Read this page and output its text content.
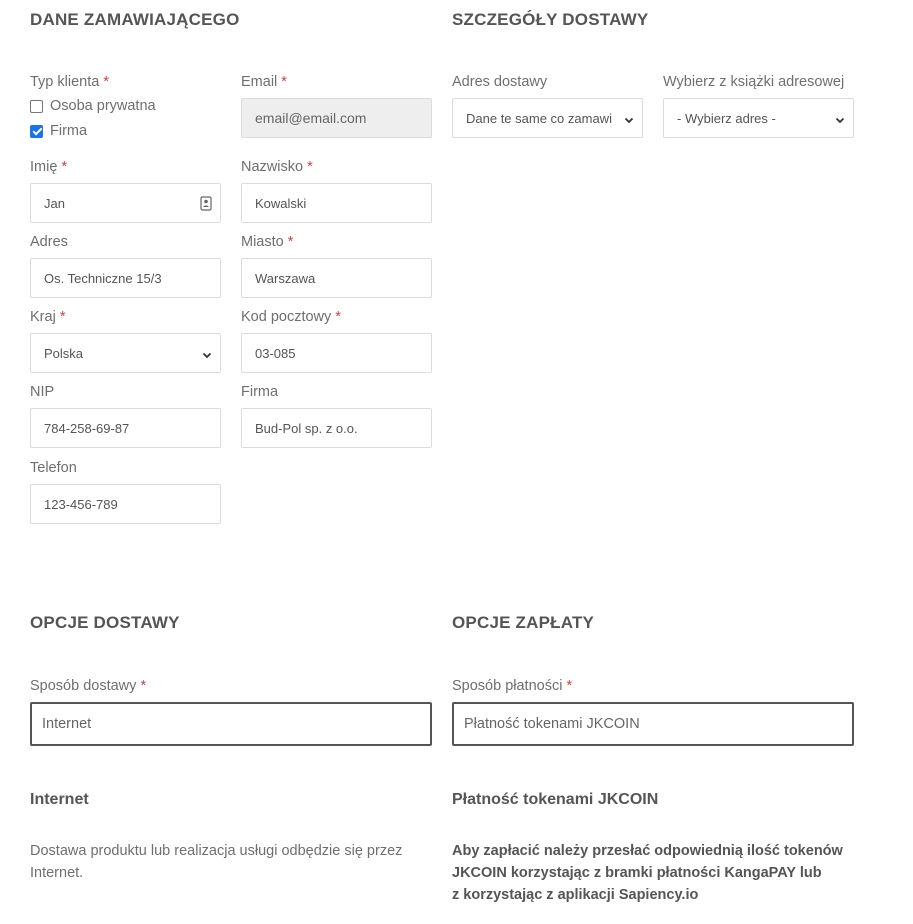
DANE ZAMAWIAJĄCEGO
Typ klienta *
Osoba prywatna
Firma
Email *
email@email.com
Imię *
Jan
Nazwisko *
Kowalski
Adres
Os. Techniczne 15/3
Miasto *
Warszawa
Kraj *
Polska
Kod pocztowy *
03-085
NIP
784-258-69-87
Firma
Bud-Pol sp. z o.o.
Telefon
123-456-789
SZCZEGÓŁY DOSTAWY
Adres dostawy
Dane te same co zamawi
Wybierz z książki adresowej
- Wybierz adres -
OPCJE DOSTAWY
Sposób dostawy *
Internet
Internet
Dostawa produktu lub realizacja usługi odbędzie się przez Internet.
OPCJE ZAPŁATY
Sposób płatności *
Płatność tokenami JKCOIN
Płatność tokenami JKCOIN
Aby zapłacić należy przesłać odpowiednią ilość tokenów
JKCOIN korzystając z bramki płatności KangaPAY lub
z korzystając z aplikacji Sapiency.io
